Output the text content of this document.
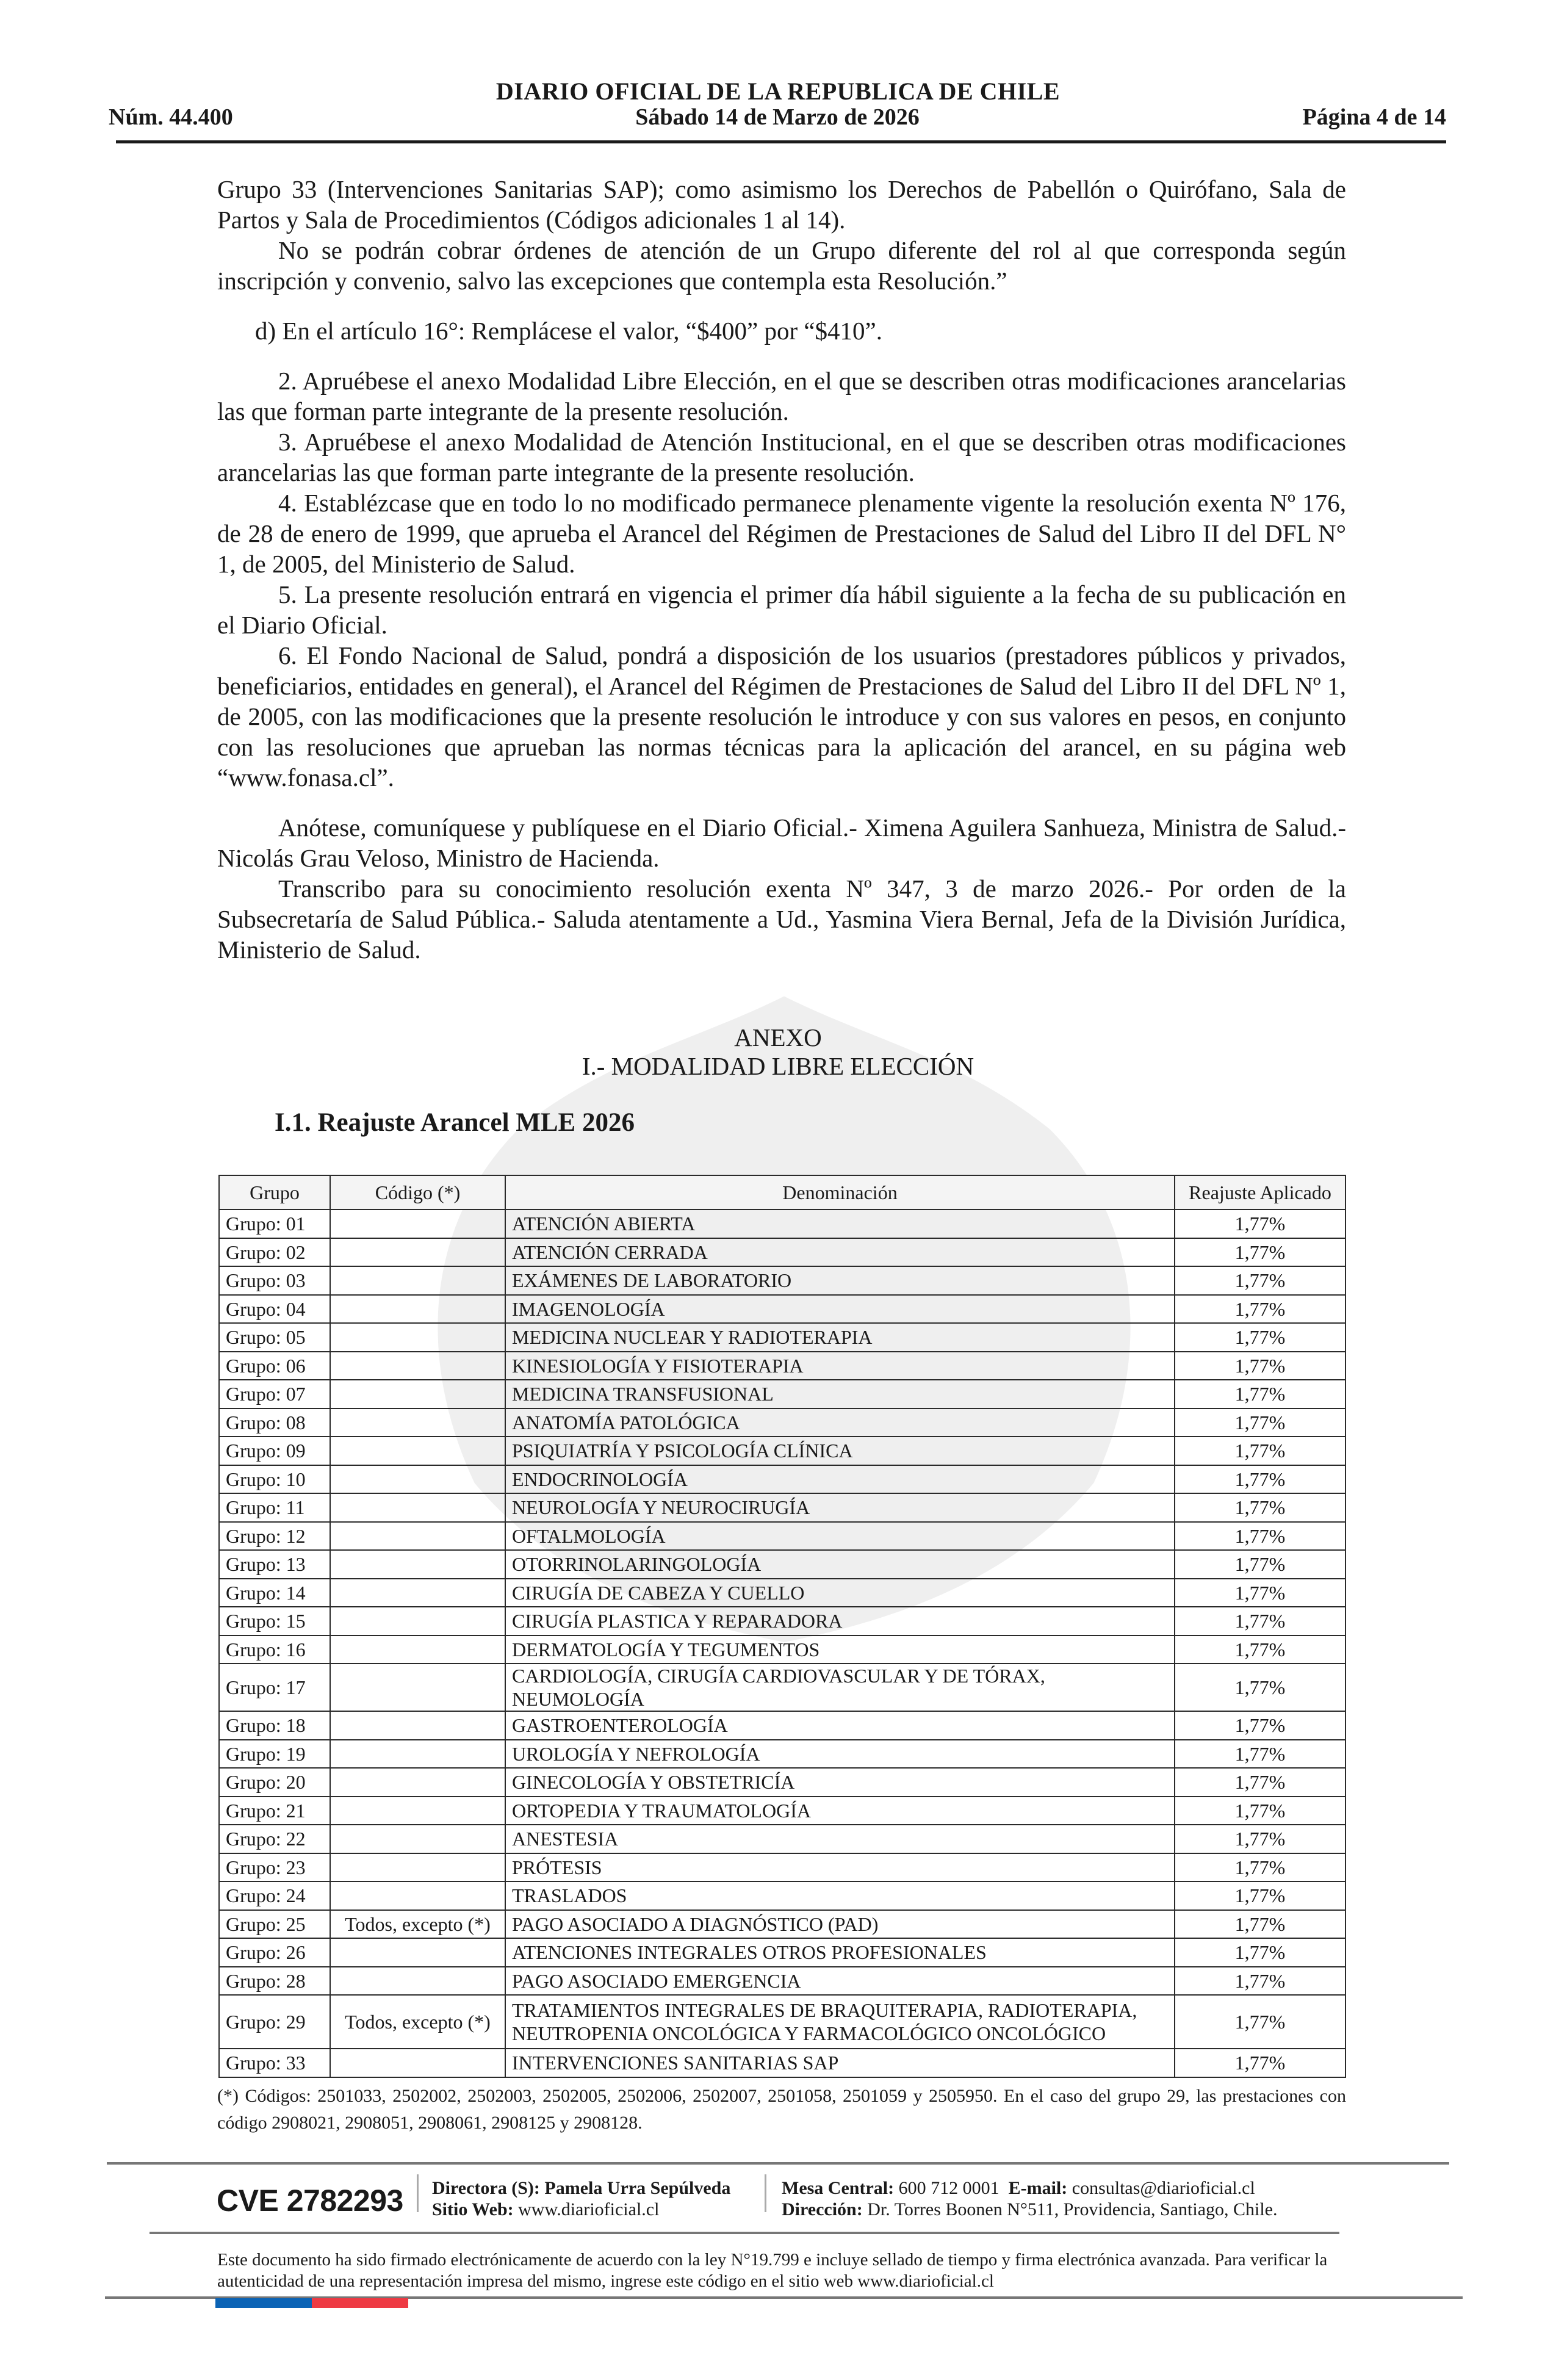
DIARIO OFICIAL DE LA REPUBLICA DE CHILE
Núm. 44.400	Sábado 14 de Marzo de 2026	Página 4 de 14

Grupo 33 (Intervenciones Sanitarias SAP); como asimismo los Derechos de Pabellón o Quirófano, Sala de Partos y Sala de Procedimientos (Códigos adicionales 1 al 14).

No se podrán cobrar órdenes de atención de un Grupo diferente del rol al que corresponda según inscripción y convenio, salvo las excepciones que contempla esta Resolución.”

d) En el artículo 16°: Remplácese el valor, “$400” por “$410”.

2. Apruébese el anexo Modalidad Libre Elección, en el que se describen otras modificaciones arancelarias las que forman parte integrante de la presente resolución.

3. Apruébese el anexo Modalidad de Atención Institucional, en el que se describen otras modificaciones arancelarias las que forman parte integrante de la presente resolución.

4. Establézcase que en todo lo no modificado permanece plenamente vigente la resolución exenta Nº 176, de 28 de enero de 1999, que aprueba el Arancel del Régimen de Prestaciones de Salud del Libro II del DFL N° 1, de 2005, del Ministerio de Salud.

5. La presente resolución entrará en vigencia el primer día hábil siguiente a la fecha de su publicación en el Diario Oficial.

6. El Fondo Nacional de Salud, pondrá a disposición de los usuarios (prestadores públicos y privados, beneficiarios, entidades en general), el Arancel del Régimen de Prestaciones de Salud del Libro II del DFL Nº 1, de 2005, con las modificaciones que la presente resolución le introduce y con sus valores en pesos, en conjunto con las resoluciones que aprueban las normas técnicas para la aplicación del arancel, en su página web “www.fonasa.cl”.

Anótese, comuníquese y publíquese en el Diario Oficial.- Ximena Aguilera Sanhueza, Ministra de Salud.- Nicolás Grau Veloso, Ministro de Hacienda.

Transcribo para su conocimiento resolución exenta Nº 347, 3 de marzo 2026.- Por orden de la Subsecretaría de Salud Pública.- Saluda atentamente a Ud., Yasmina Viera Bernal, Jefa de la División Jurídica, Ministerio de Salud.

ANEXO
I.- MODALIDAD LIBRE ELECCIÓN
I.1. Reajuste Arancel MLE 2026
Grupo	Código (*)	Denominación	Reajuste Aplicado
Grupo: 01		ATENCIÓN ABIERTA	1,77%
Grupo: 02		ATENCIÓN CERRADA	1,77%
Grupo: 03		EXÁMENES DE LABORATORIO	1,77%
Grupo: 04		IMAGENOLOGÍA	1,77%
Grupo: 05		MEDICINA NUCLEAR Y RADIOTERAPIA	1,77%
Grupo: 06		KINESIOLOGÍA Y FISIOTERAPIA	1,77%
Grupo: 07		MEDICINA TRANSFUSIONAL	1,77%
Grupo: 08		ANATOMÍA PATOLÓGICA	1,77%
Grupo: 09		PSIQUIATRÍA Y PSICOLOGÍA CLÍNICA	1,77%
Grupo: 10		ENDOCRINOLOGÍA	1,77%
Grupo: 11		NEUROLOGÍA Y NEUROCIRUGÍA	1,77%
Grupo: 12		OFTALMOLOGÍA	1,77%
Grupo: 13		OTORRINOLARINGOLOGÍA	1,77%
Grupo: 14		CIRUGÍA DE CABEZA Y CUELLO	1,77%
Grupo: 15		CIRUGÍA PLASTICA Y REPARADORA	1,77%
Grupo: 16		DERMATOLOGÍA Y TEGUMENTOS	1,77%
Grupo: 17		CARDIOLOGÍA, CIRUGÍA CARDIOVASCULAR Y DE TÓRAX, NEUMOLOGÍA	1,77%
Grupo: 18		GASTROENTEROLOGÍA	1,77%
Grupo: 19		UROLOGÍA Y NEFROLOGÍA	1,77%
Grupo: 20		GINECOLOGÍA Y OBSTETRICÍA	1,77%
Grupo: 21		ORTOPEDIA Y TRAUMATOLOGÍA	1,77%
Grupo: 22		ANESTESIA	1,77%
Grupo: 23		PRÓTESIS	1,77%
Grupo: 24		TRASLADOS	1,77%
Grupo: 25	Todos, excepto (*)	PAGO ASOCIADO A DIAGNÓSTICO (PAD)	1,77%
Grupo: 26		ATENCIONES INTEGRALES OTROS PROFESIONALES	1,77%
Grupo: 28		PAGO ASOCIADO EMERGENCIA	1,77%
Grupo: 29	Todos, excepto (*)	TRATAMIENTOS INTEGRALES DE BRAQUITERAPIA, RADIOTERAPIA, NEUTROPENIA ONCOLÓGICA Y FARMACOLÓGICO ONCOLÓGICO	1,77%
Grupo: 33		INTERVENCIONES SANITARIAS SAP	1,77%
(*) Códigos: 2501033, 2502002, 2502003, 2502005, 2502006, 2502007, 2501058, 2501059 y 2505950. En el caso del grupo 29, las prestaciones con código 2908021, 2908051, 2908061, 2908125 y 2908128.
CVE 2782293 Directora (S): Pamela Urra Sepúlveda
Sitio Web: www.diarioficial.cl
Mesa Central: 600 712 0001 E-mail: consultas@diarioficial.cl
Dirección: Dr. Torres Boonen N°511, Providencia, Santiago, Chile.
Este documento ha sido firmado electrónicamente de acuerdo con la ley N°19.799 e incluye sellado de tiempo y firma electrónica avanzada. Para verificar la autenticidad de una representación impresa del mismo, ingrese este código en el sitio web www.diarioficial.cl
